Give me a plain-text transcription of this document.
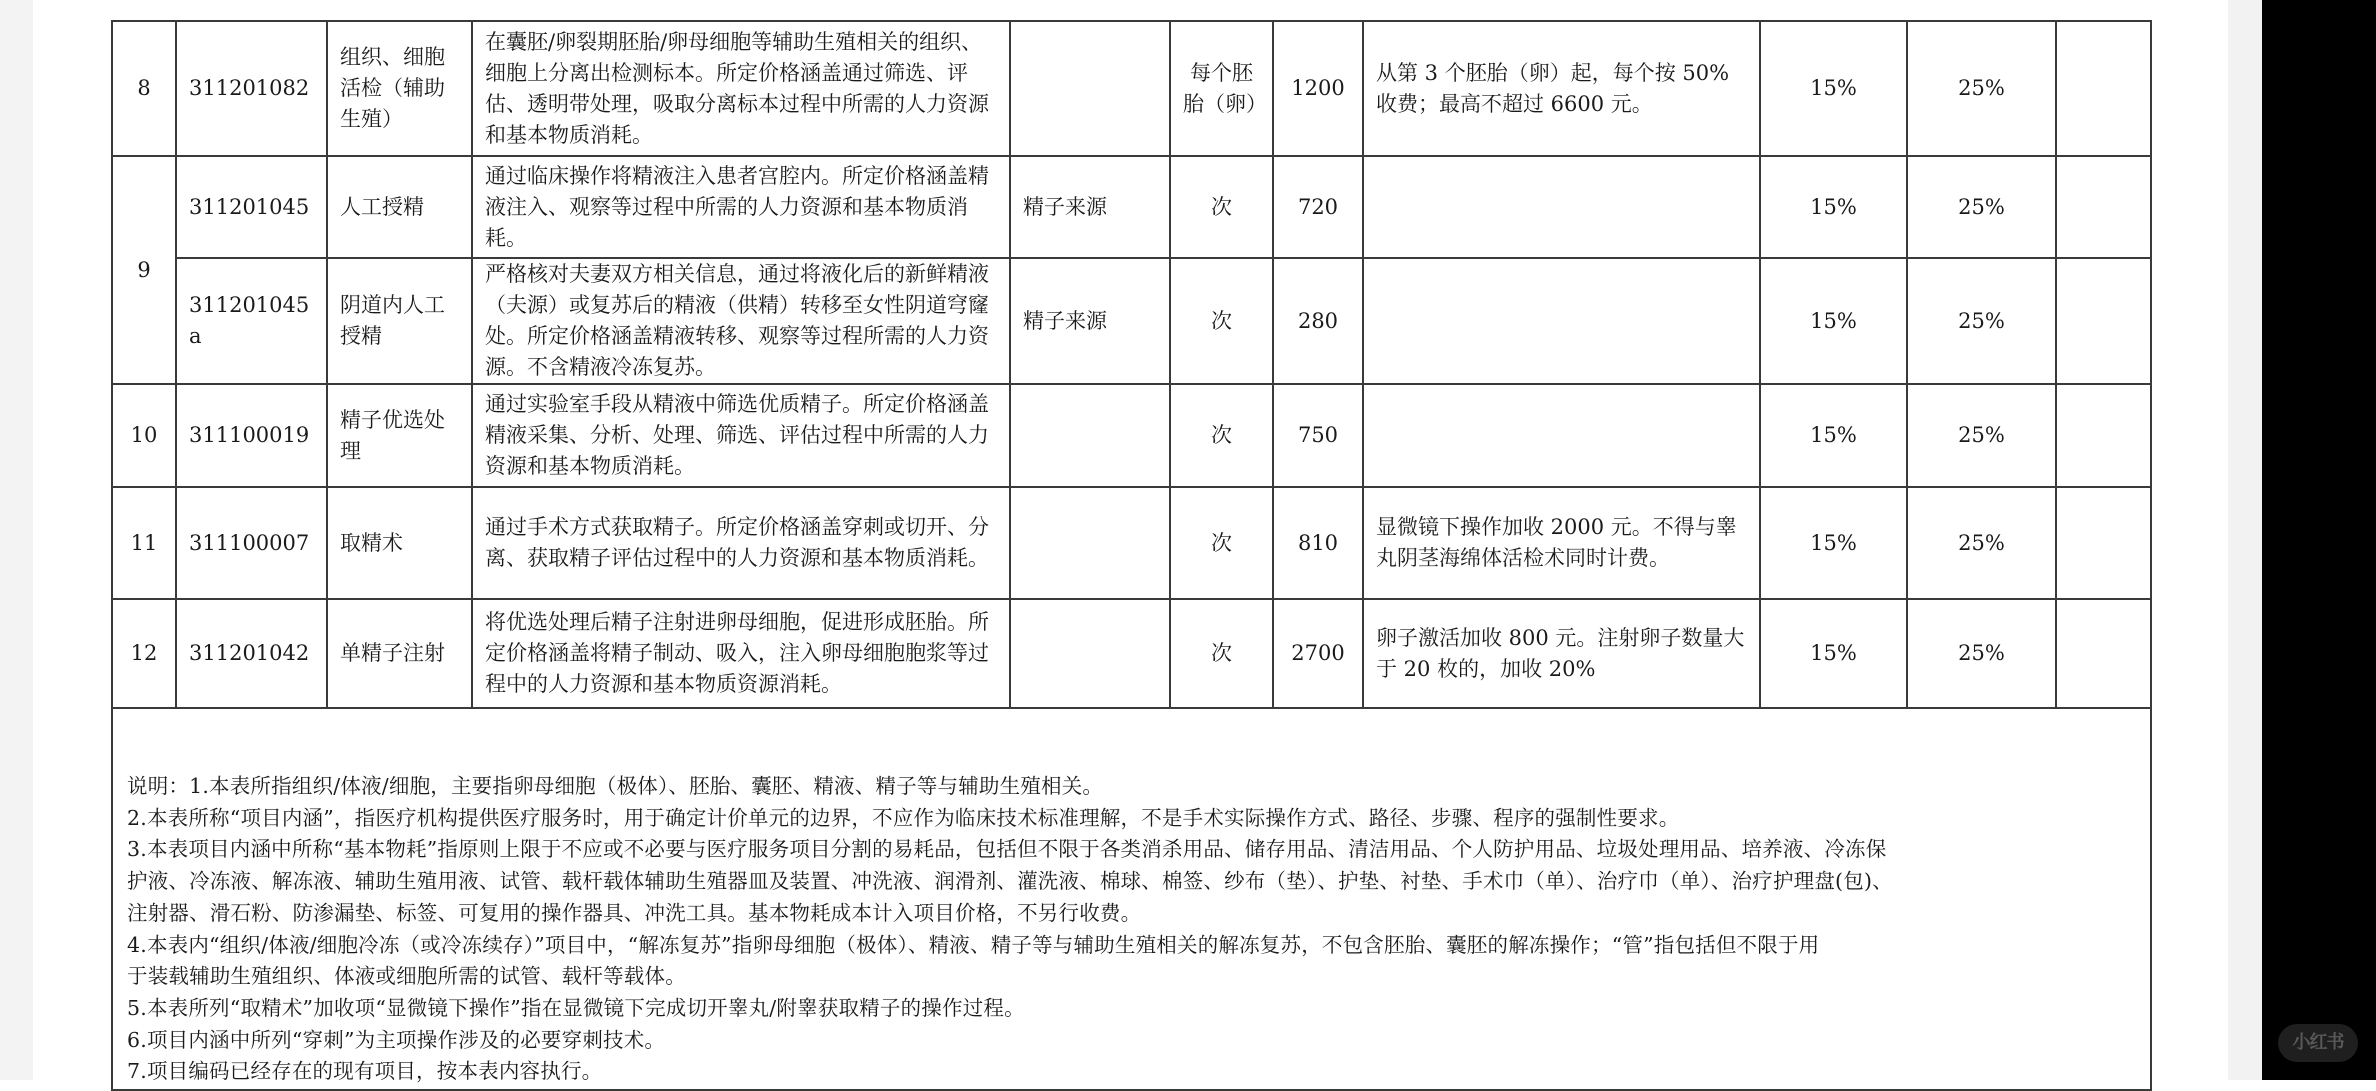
小红书
8	311201082	组织、细胞活检（辅助生殖）	在囊胚/卵裂期胚胎/卵母细胞等辅助生殖相关的组织、细胞上分离出检测标本。所定价格涵盖通过筛选、评估、透明带处理，吸取分离标本过程中所需的人力资源和基本物质消耗。		每个胚胎（卵）	1200	从第 3 个胚胎（卵）起，每个按 50% 收费；最高不超过 6600 元。	15%	25%	
9	311201045	人工授精	通过临床操作将精液注入患者宫腔内。所定价格涵盖精液注入、观察等过程中所需的人力资源和基本物质消耗。	精子来源	次	720		15%	25%	
	311201045a	阴道内人工授精	严格核对夫妻双方相关信息，通过将液化后的新鲜精液（夫源）或复苏后的精液（供精）转移至女性阴道穹窿处。所定价格涵盖精液转移、观察等过程所需的人力资源。不含精液冷冻复苏。	精子来源	次	280		15%	25%	
10	311100019	精子优选处理	通过实验室手段从精液中筛选优质精子。所定价格涵盖精液采集、分析、处理、筛选、评估过程中所需的人力资源和基本物质消耗。		次	750		15%	25%	
11	311100007	取精术	通过手术方式获取精子。所定价格涵盖穿刺或切开、分离、获取精子评估过程中的人力资源和基本物质消耗。		次	810	显微镜下操作加收 2000 元。不得与睾丸阴茎海绵体活检术同时计费。	15%	25%	
12	311201042	单精子注射	将优选处理后精子注射进卵母细胞，促进形成胚胎。所定价格涵盖将精子制动、吸入，注入卵母细胞胞浆等过程中的人力资源和基本物质资源消耗。		次	2700	卵子激活加收 800 元。注射卵子数量大于 20 枚的，加收 20%	15%	25%	

说明：1.本表所指组织/体液/细胞，主要指卵母细胞（极体）、胚胎、囊胚、精液、精子等与辅助生殖相关。
2.本表所称“项目内涵”，指医疗机构提供医疗服务时，用于确定计价单元的边界，不应作为临床技术标准理解，不是手术实际操作方式、路径、步骤、程序的强制性要求。
3.本表项目内涵中所称“基本物耗”指原则上限于不应或不必要与医疗服务项目分割的易耗品，包括但不限于各类消杀用品、储存用品、清洁用品、个人防护用品、垃圾处理用品、培养液、冷冻保
护液、冷冻液、解冻液、辅助生殖用液、试管、载杆载体辅助生殖器皿及装置、冲洗液、润滑剂、灌洗液、棉球、棉签、纱布（垫）、护垫、衬垫、手术巾（单）、治疗巾（单）、治疗护理盘(包)、
注射器、滑石粉、防渗漏垫、标签、可复用的操作器具、冲洗工具。基本物耗成本计入项目价格，不另行收费。
4.本表内“组织/体液/细胞冷冻（或冷冻续存）”项目中，“解冻复苏”指卵母细胞（极体）、精液、精子等与辅助生殖相关的解冻复苏，不包含胚胎、囊胚的解冻操作；“管”指包括但不限于用
于装载辅助生殖组织、体液或细胞所需的试管、载杆等载体。
5.本表所列“取精术”加收项“显微镜下操作”指在显微镜下完成切开睾丸/附睾获取精子的操作过程。
6.项目内涵中所列“穿刺”为主项操作涉及的必要穿刺技术。
7.项目编码已经存在的现有项目，按本表内容执行。
